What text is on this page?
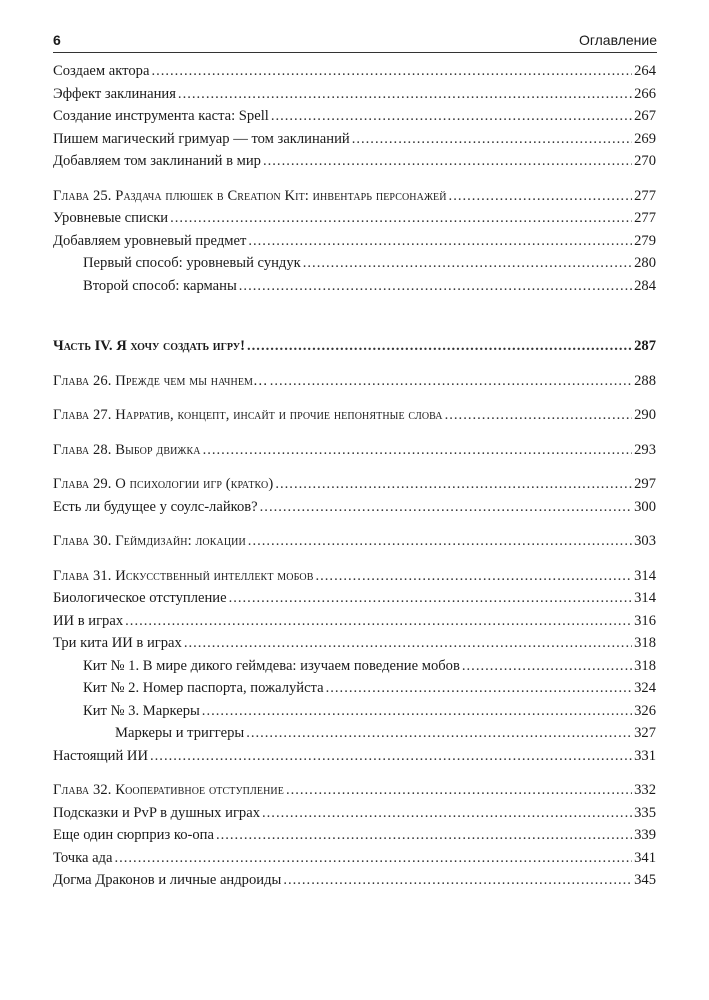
6	Оглавление
Создаем актора .....	264
Эффект заклинания .....	266
Создание инструмента каста: Spell .....	267
Пишем магический гримуар — том заклинаний .....	269
Добавляем том заклинаний в мир .....	270
Глава 25. Раздача плюшек в Creation Kit: инвентарь персонажей .....	277
Уровневые списки .....	277
Добавляем уровневый предмет .....	279
Первый способ: уровневый сундук .....	280
Второй способ: карманы .....	284
Часть IV. Я хочу создать игру! .....	287
Глава 26. Прежде чем мы начнем… .....	288
Глава 27. Нарратив, концепт, инсайт и прочие непонятные слова .....	290
Глава 28. Выбор движка .....	293
Глава 29. О психологии игр (кратко) .....	297
Есть ли будущее у соулс-лайков? .....	300
Глава 30. Геймдизайн: локации .....	303
Глава 31. Искусственный интеллект мобов .....	314
Биологическое отступление .....	314
ИИ в играх .....	316
Три кита ИИ в играх .....	318
Кит № 1. В мире дикого геймдева: изучаем поведение мобов .....	318
Кит № 2. Номер паспорта, пожалуйста .....	324
Кит № 3. Маркеры .....	326
Маркеры и триггеры .....	327
Настоящий ИИ .....	331
Глава 32. Кооперативное отступление .....	332
Подсказки и PvP в душных играх .....	335
Еще один сюрприз ко-опа .....	339
Точка ада .....	341
Догма Драконов и личные андроиды .....	345
